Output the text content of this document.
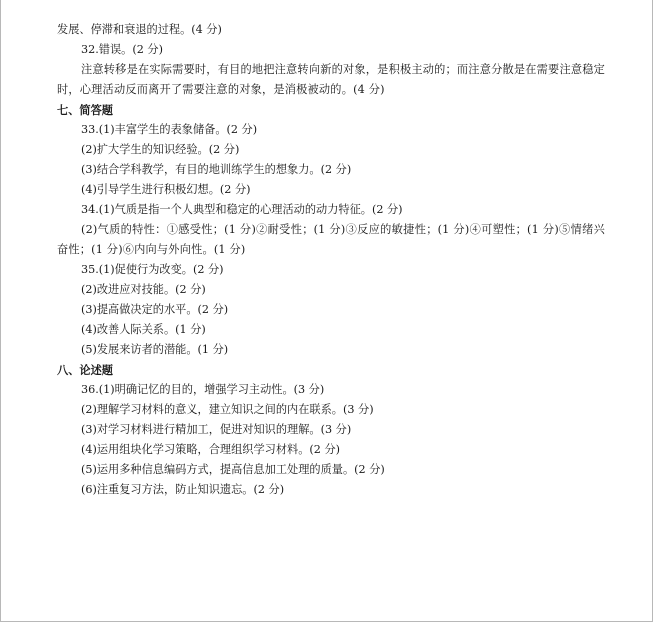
发展、停滞和衰退的过程。(4 分)
32.错误。(2 分)
注意转移是在实际需要时，有目的地把注意转向新的对象，是积极主动的；而注意分散是在需要注意稳定时，心理活动反而离开了需要注意的对象，是消极被动的。(4 分)
七、简答题
33.(1)丰富学生的表象储备。(2 分)
(2)扩大学生的知识经验。(2 分)
(3)结合学科教学，有目的地训练学生的想象力。(2 分)
(4)引导学生进行积极幻想。(2 分)
34.(1)气质是指一个人典型和稳定的心理活动的动力特征。(2 分)
(2)气质的特性：①感受性；(1 分)②耐受性；(1 分)③反应的敏捷性；(1 分)④可塑性；(1 分)⑤情绪兴奋性；(1 分)⑥内向与外向性。(1 分)
35.(1)促使行为改变。(2 分)
(2)改进应对技能。(2 分)
(3)提高做决定的水平。(2 分)
(4)改善人际关系。(1 分)
(5)发展来访者的潜能。(1 分)
八、论述题
36.(1)明确记忆的目的，增强学习主动性。(3 分)
(2)理解学习材料的意义，建立知识之间的内在联系。(3 分)
(3)对学习材料进行精加工，促进对知识的理解。(3 分)
(4)运用组块化学习策略，合理组织学习材料。(2 分)
(5)运用多种信息编码方式，提高信息加工处理的质量。(2 分)
(6)注重复习方法，防止知识遗忘。(2 分)
